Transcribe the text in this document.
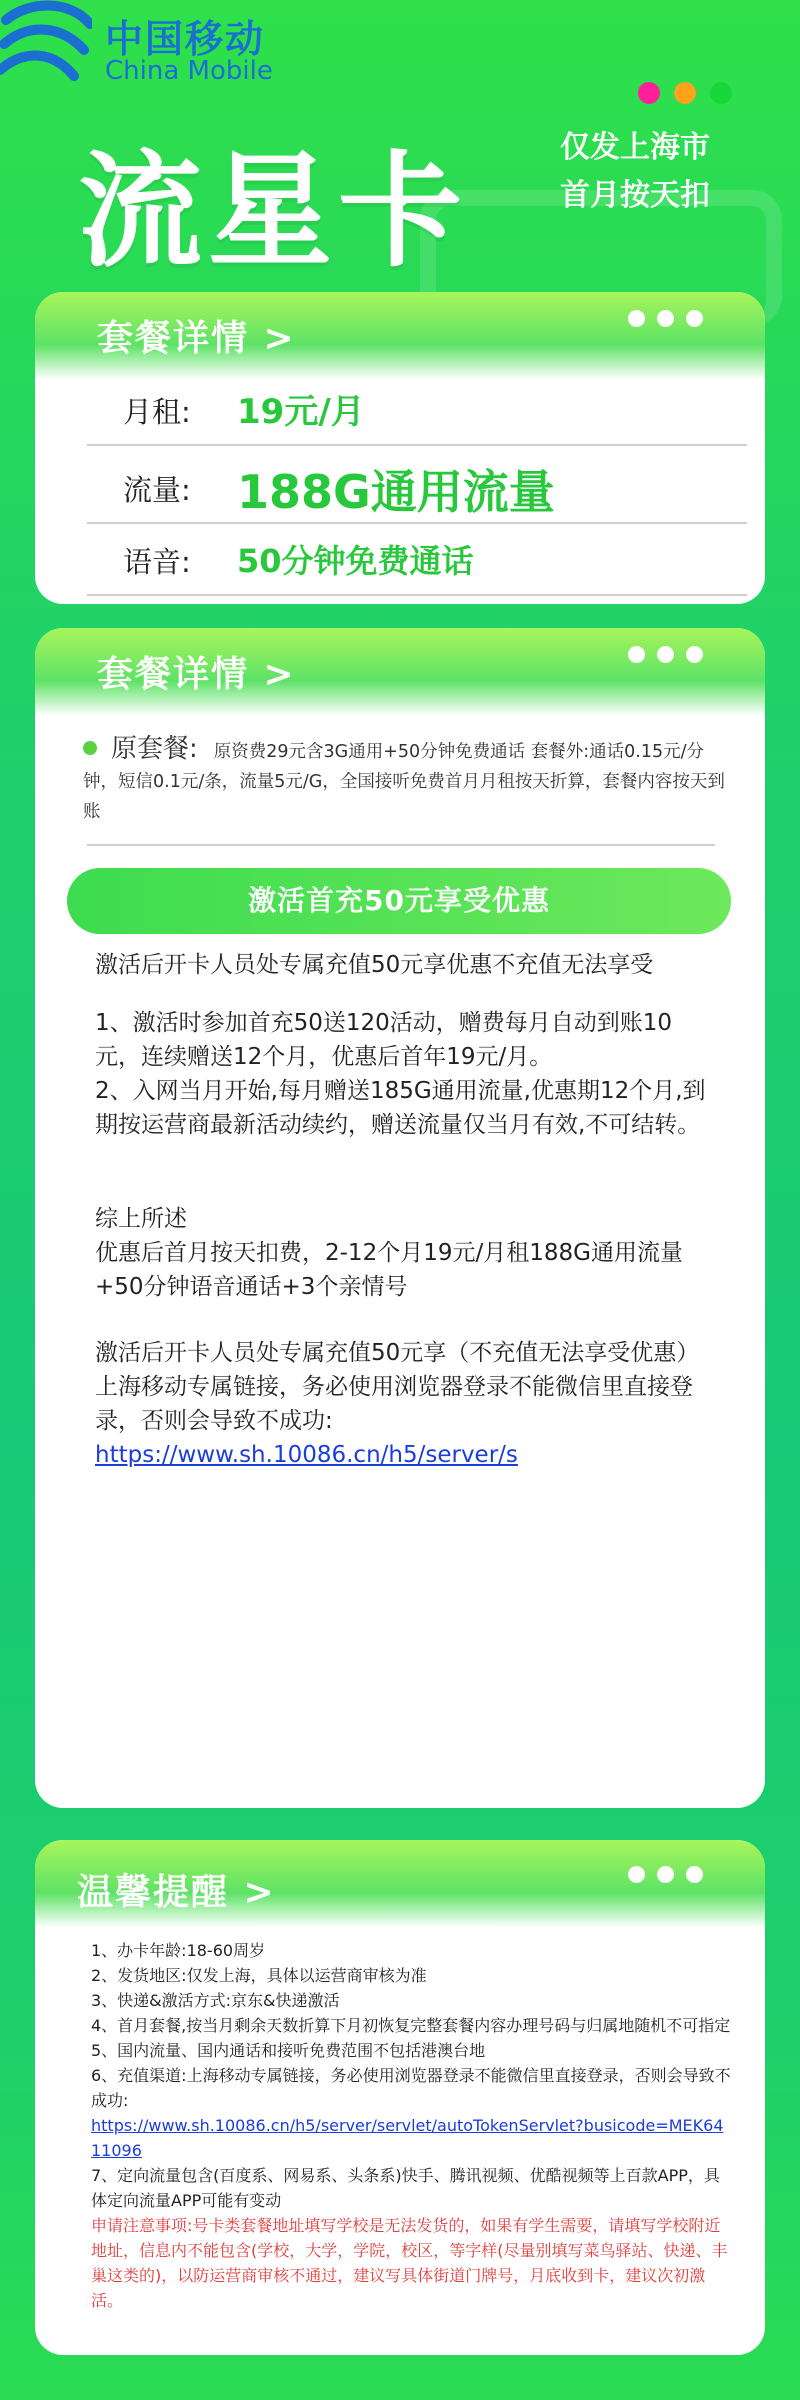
中国移动
China Mobile
流星卡	仅发上海市
首月按天扣
套餐详情 >
月租: 19元/月
流量: 188G通用流量
语音: 50分钟免费通话
套餐详情 >
原套餐: 原资费29元含3G通用+50分钟免费通话 套餐外:通话0.15元/分钟，短信0.1元/条，流量5元/G，全国接听免费首月月租按天折算，套餐内容按天到账
激活首充50元享受优惠
激活后开卡人员处专属充值50元享优惠不充值无法享受
1、激活时参加首充50送120活动，赠费每月自动到账10元，连续赠送12个月，优惠后首年19元/月。
2、入网当月开始,每月赠送185G通用流量,优惠期12个月,到期按运营商最新活动续约，赠送流量仅当月有效,不可结转。
综上所述
优惠后首月按天扣费，2-12个月19元/月租188G通用流量+50分钟语音通话+3个亲情号
激活后开卡人员处专属充值50元享（不充值无法享受优惠）上海移动专属链接，务必使用浏览器登录不能微信里直接登录，否则会导致不成功:
https://www.sh.10086.cn/h5/server/s
温馨提醒 >
1、办卡年龄:18-60周岁
2、发货地区:仅发上海，具体以运营商审核为准
3、快递&激活方式:京东&快递激活
4、首月套餐,按当月剩余天数折算下月初恢复完整套餐内容办理号码与归属地随机不可指定
5、国内流量、国内通话和接听免费范围不包括港澳台地
6、充值渠道:上海移动专属链接，务必使用浏览器登录不能微信里直接登录，否则会导致不成功:
https://www.sh.10086.cn/h5/server/servlet/autoTokenServlet?busicode=MEK6411096
7、定向流量包含(百度系、网易系、头条系)快手、腾讯视频、优酷视频等上百款APP，具体定向流量APP可能有变动
申请注意事项:号卡类套餐地址填写学校是无法发货的，如果有学生需要，请填写学校附近地址，信息内不能包含(学校，大学，学院，校区，等字样(尽量别填写菜鸟驿站、快递、丰巢这类的)，以防运营商审核不通过，建议写具体街道门牌号，月底收到卡，建议次初激活。
